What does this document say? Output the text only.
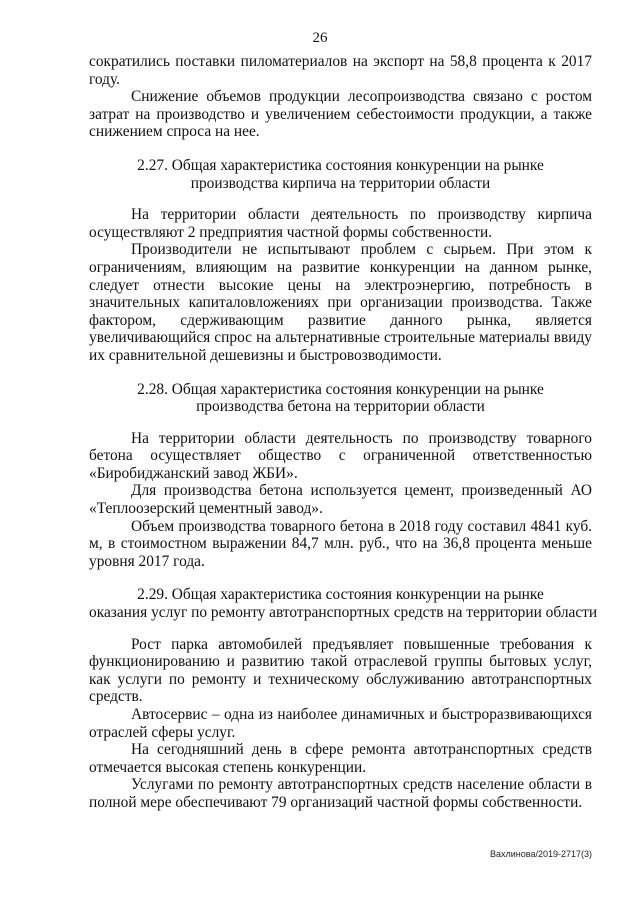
26

сократились поставки пиломатериалов на экспорт на 58,8 процента к 2017 году.

Снижение объемов продукции лесопроизводства связано с ростом затрат на производство и увеличением себестоимости продукции, а также снижением спроса на нее.

2.27. Общая характеристика состояния конкуренции на рынке
производства кирпича на территории области

На территории области деятельность по производству кирпича осуществляют 2 предприятия частной формы собственности.

Производители не испытывают проблем с сырьем. При этом к ограничениям, влияющим на развитие конкуренции на данном рынке, следует отнести высокие цены на электроэнергию, потребность в значительных капиталовложениях при организации производства. Также фактором, сдерживающим развитие данного рынка, является увеличивающийся спрос на альтернативные строительные материалы ввиду их сравнительной дешевизны и быстровозводимости.

2.28. Общая характеристика состояния конкуренции на рынке
производства бетона на территории области

На территории области деятельность по производству товарного бетона осуществляет общество с ограниченной ответственностью «Биробиджанский завод ЖБИ».

Для производства бетона используется цемент, произведенный АО «Теплоозерский цементный завод».

Объем производства товарного бетона в 2018 году составил 4841 куб. м, в стоимостном выражении 84,7 млн. руб., что на 36,8 процента меньше уровня 2017 года.

2.29. Общая характеристика состояния конкуренции на рынке
оказания услуг по ремонту автотранспортных средств на территории области

Рост парка автомобилей предъявляет повышенные требования к функционированию и развитию такой отраслевой группы бытовых услуг, как услуги по ремонту и техническому обслуживанию автотранспортных средств.

Автосервис – одна из наиболее динамичных и быстроразвивающихся отраслей сферы услуг.

На сегодняшний день в сфере ремонта автотранспортных средств отмечается высокая степень конкуренции.

Услугами по ремонту автотранспортных средств население области в полной мере обеспечивают 79 организаций частной формы собственности.

Вахлинова/2019-2717(3)
